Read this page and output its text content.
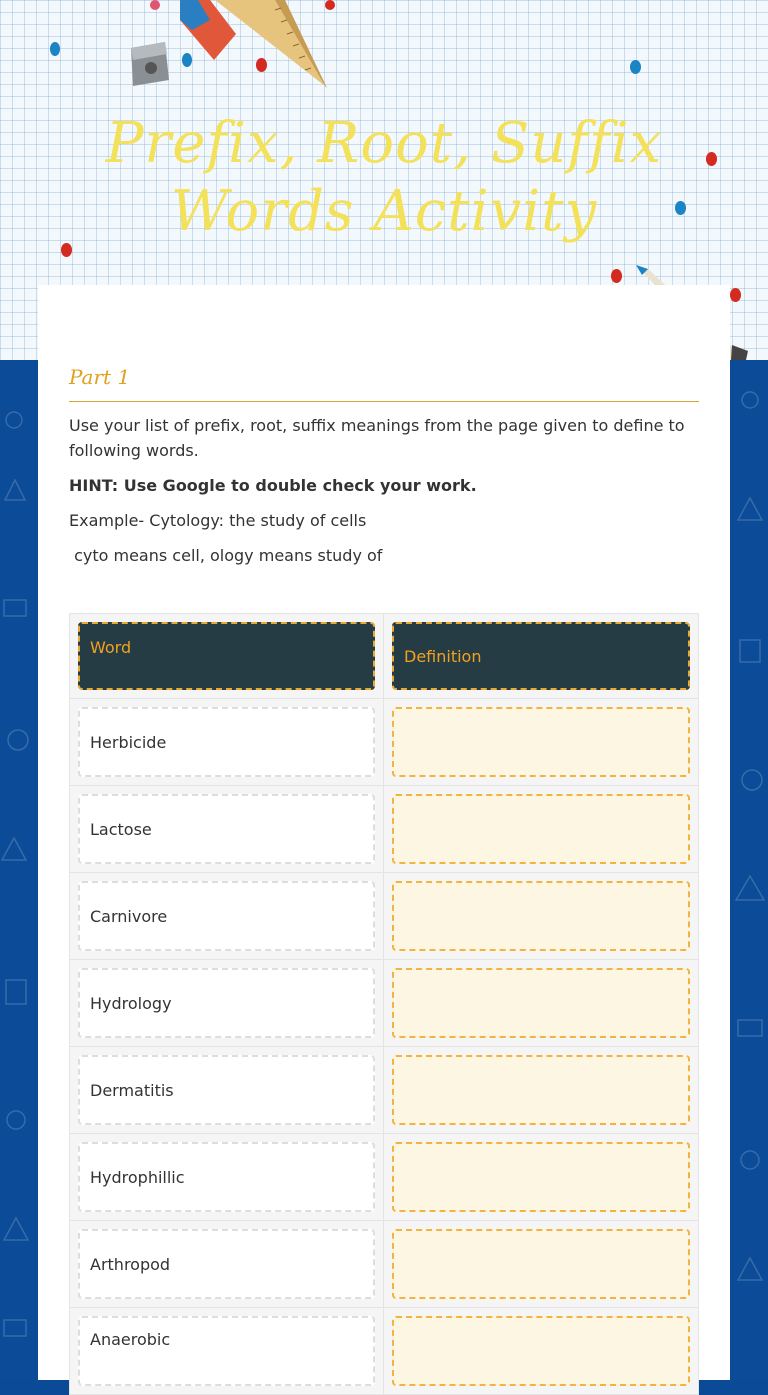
Prefix, Root, Suffix Words Activity
Part 1
Use your list of prefix, root, suffix meanings from the page given to define to following words.
HINT: Use Google to double check your work.
Example- Cytology: the study of cells
cyto means cell, ology means study of
Word	Definition

Herbicide	

Lactose	

Carnivore	

Hydrology	

Dermatitis	

Hydrophillic	

Arthropod	

Anaerobic	
